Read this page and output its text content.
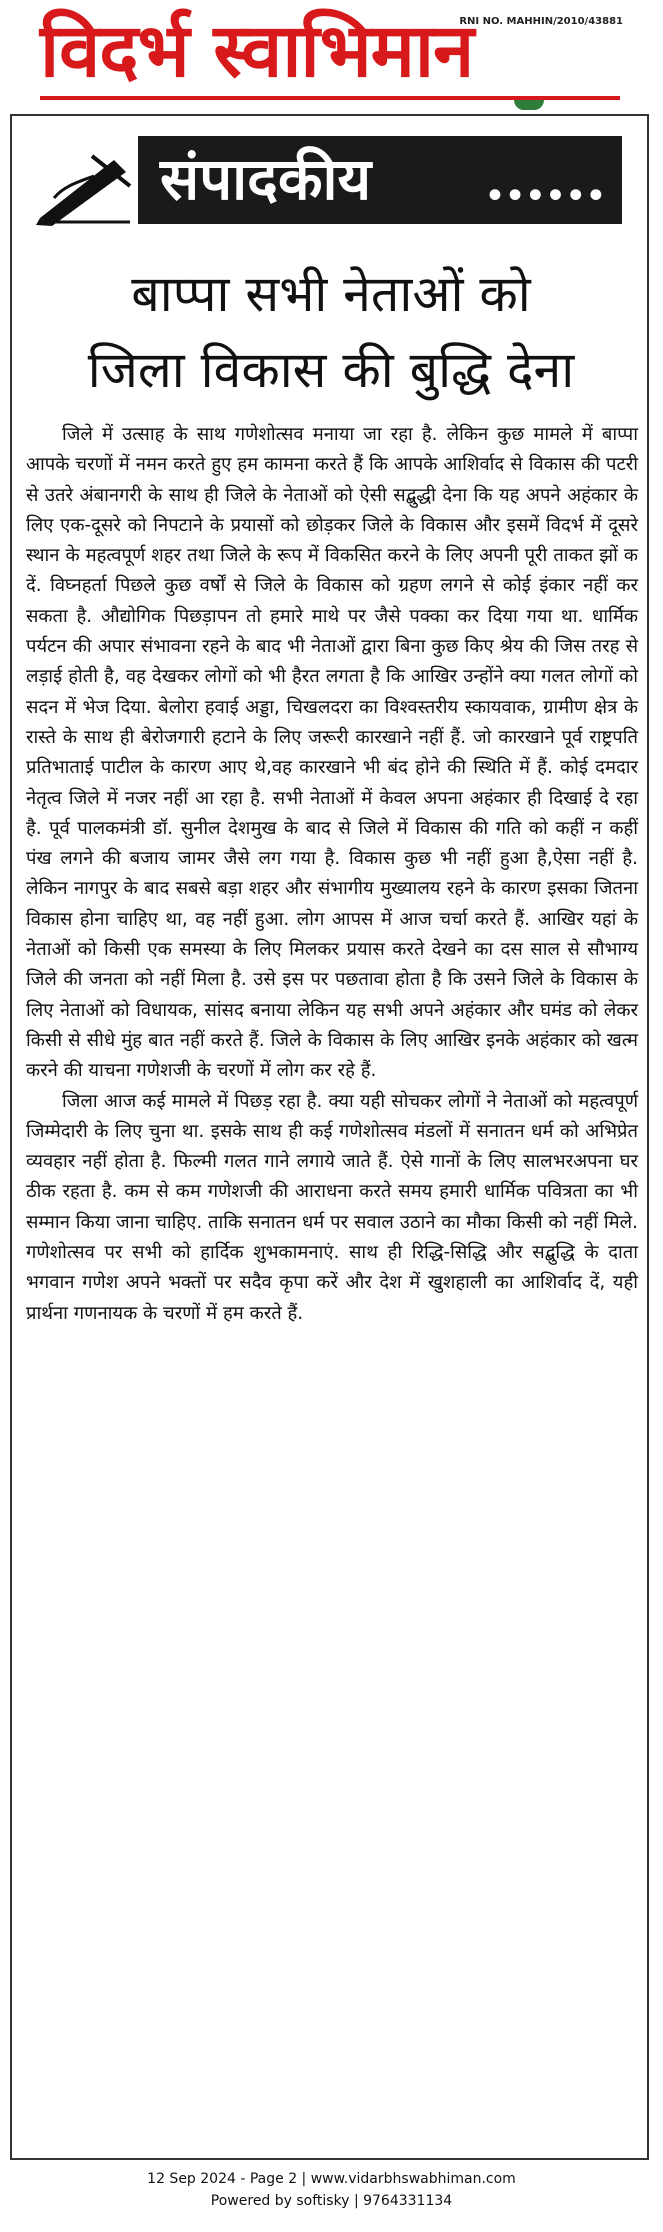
विदर्भ स्वाभिमान
RNI NO. MAHHIN/2010/43881
संपादकीय ......
बाप्पा सभी नेताओं को
जिला विकास की बुद्धि देना

जिले में उत्साह के साथ गणेशोत्सव मनाया जा रहा है. लेकिन कुछ मामले में बाप्पा आपके चरणों में नमन करते हुए हम कामना करते हैं कि आपके आशिर्वाद से विकास की पटरी से उतरे अंबानगरी के साथ ही जिले के नेताओं को ऐसी सद्बुद्धी देना कि यह अपने अहंकार के लिए एक-दूसरे को निपटाने के प्रयासों को छोड़कर जिले के विकास और इसमें विदर्भ में दूसरे स्थान के महत्वपूर्ण शहर तथा जिले के रूप में विकसित करने के लिए अपनी पूरी ताकत झों क दें. विघ्नहर्ता पिछले कुछ वर्षों से जिले के विकास को ग्रहण लगने से कोई इंकार नहीं कर सकता है. औद्योगिक पिछड़ापन तो हमारे माथे पर जैसे पक्का कर दिया गया था. धार्मिक पर्यटन की अपार संभावना रहने के बाद भी नेताओं द्वारा बिना कुछ किए श्रेय की जिस तरह से लड़ाई होती है, वह देखकर लोगों को भी हैरत लगता है कि आखिर उन्होंने क्या गलत लोगों को सदन में भेज दिया. बेलोरा हवाई अड्डा, चिखलदरा का विश्वस्तरीय स्कायवाक, ग्रामीण क्षेत्र के रास्ते के साथ ही बेरोजगारी हटाने के लिए जरूरी कारखाने नहीं हैं. जो कारखाने पूर्व राष्ट्रपति प्रतिभाताई पाटील के कारण आए थे,वह कारखाने भी बंद होने की स्थिति में हैं. कोई दमदार नेतृत्व जिले में नजर नहीं आ रहा है. सभी नेताओं में केवल अपना अहंकार ही दिखाई दे रहा है. पूर्व पालकमंत्री डॉ. सुनील देशमुख के बाद से जिले में विकास की गति को कहीं न कहीं पंख लगने की बजाय जामर जैसे लग गया है. विकास कुछ भी नहीं हुआ है,ऐसा नहीं है. लेकिन नागपुर के बाद सबसे बड़ा शहर और संभागीय मुख्यालय रहने के कारण इसका जितना विकास होना चाहिए था, वह नहीं हुआ. लोग आपस में आज चर्चा करते हैं. आखिर यहां के नेताओं को किसी एक समस्या के लिए मिलकर प्रयास करते देखने का दस साल से सौभाग्य जिले की जनता को नहीं मिला है. उसे इस पर पछतावा होता है कि उसने जिले के विकास के लिए नेताओं को विधायक, सांसद बनाया लेकिन यह सभी अपने अहंकार और घमंड को लेकर किसी से सीधे मुंह बात नहीं करते हैं. जिले के विकास के लिए आखिर इनके अहंकार को खत्म करने की याचना गणेशजी के चरणों में लोग कर रहे हैं.

जिला आज कई मामले में पिछड़ रहा है. क्या यही सोचकर लोगों ने नेताओं को महत्वपूर्ण जिम्मेदारी के लिए चुना था. इसके साथ ही कई गणेशोत्सव मंडलों में सनातन धर्म को अभिप्रेत व्यवहार नहीं होता है. फिल्मी गलत गाने लगाये जाते हैं. ऐसे गानों के लिए सालभरअपना घर ठीक रहता है. कम से कम गणेशजी की आराधना करते समय हमारी धार्मिक पवित्रता का भी सम्मान किया जाना चाहिए. ताकि सनातन धर्म पर सवाल उठाने का मौका किसी को नहीं मिले. गणेशोत्सव पर सभी को हार्दिक शुभकामनाएं. साथ ही रिद्धि-सिद्धि और सद्बुद्धि के दाता भगवान गणेश अपने भक्तों पर सदैव कृपा करें और देश में खुशहाली का आशिर्वाद दें, यही प्रार्थना गणनायक के चरणों में हम करते हैं.

12 Sep 2024 - Page 2 | www.vidarbhswabhiman.com
Powered by softisky | 9764331134
